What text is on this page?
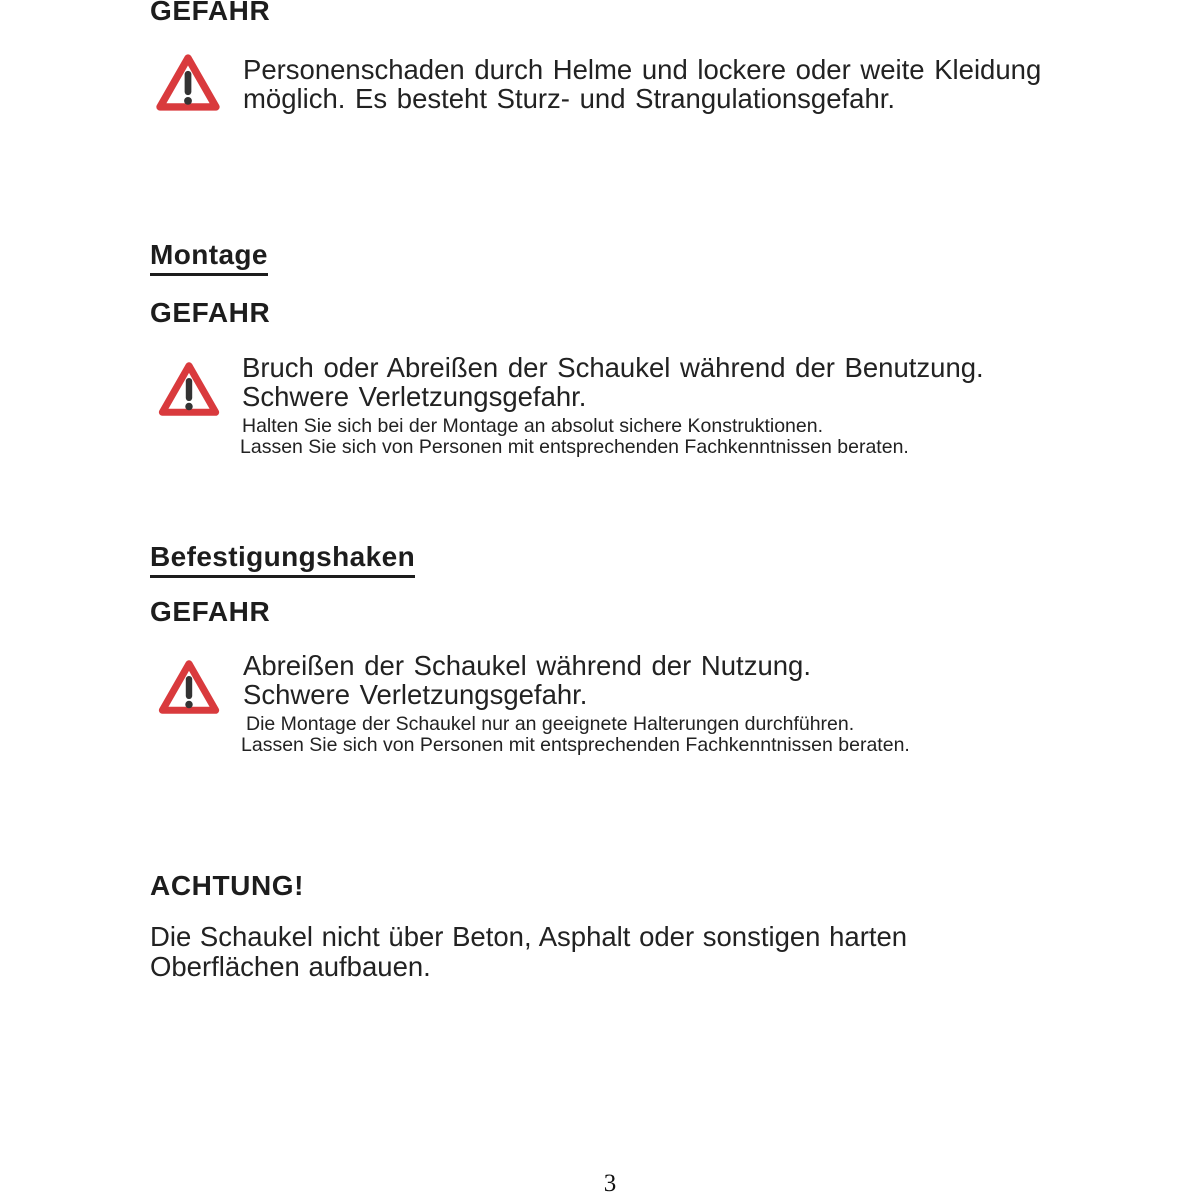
GEFAHR
Personenschaden durch Helme und lockere oder weite Kleidung
möglich. Es besteht Sturz- und Strangulationsgefahr.
Montage
GEFAHR
Bruch oder Abreißen der Schaukel während der Benutzung.
Schwere Verletzungsgefahr.
Halten Sie sich bei der Montage an absolut sichere Konstruktionen.
Lassen Sie sich von Personen mit entsprechenden Fachkenntnissen beraten.
Befestigungshaken
GEFAHR
Abreißen der Schaukel während der Nutzung.
Schwere Verletzungsgefahr.
Die Montage der Schaukel nur an geeignete Halterungen durchführen.
Lassen Sie sich von Personen mit entsprechenden Fachkenntnissen beraten.
ACHTUNG!
Die Schaukel nicht über Beton, Asphalt oder sonstigen harten
Oberflächen aufbauen.
3
